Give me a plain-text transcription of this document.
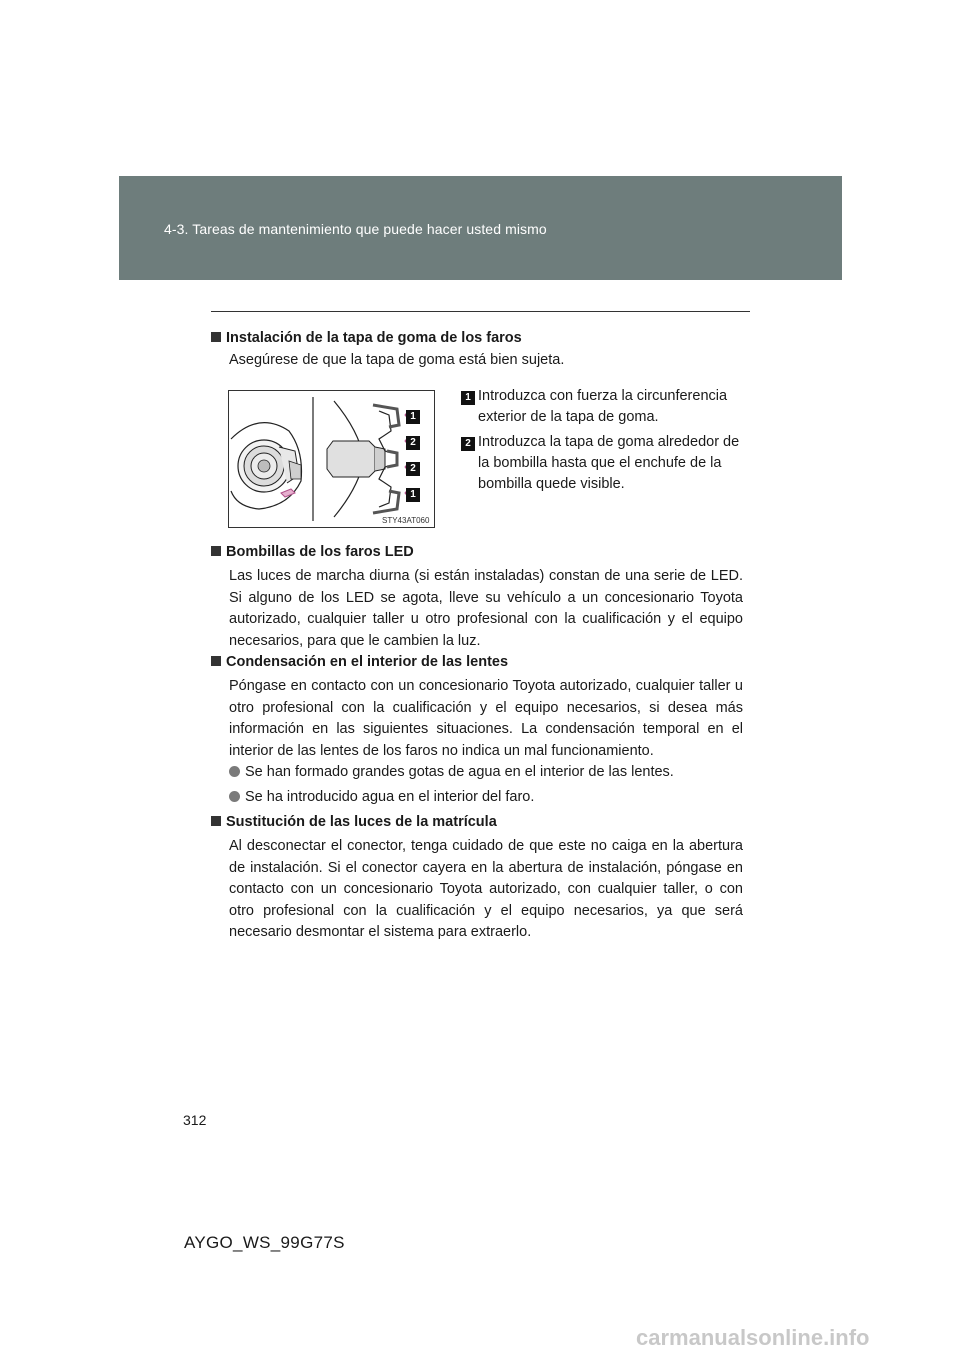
4-3. Tareas de mantenimiento que puede hacer usted mismo
Instalación de la tapa de goma de los faros
Asegúrese de que la tapa de goma está bien sujeta.
1
2
2
1
STY43AT060
1 Introduzca con fuerza la circunferencia exterior de la tapa de goma.
2 Introduzca la tapa de goma alrededor de la bombilla hasta que el enchufe de la bombilla quede visible.
Bombillas de los faros LED
Las luces de marcha diurna (si están instaladas) constan de una serie de LED. Si alguno de los LED se agota, lleve su vehículo a un concesionario Toyota autorizado, cualquier taller u otro profesional con la cualificación y el equipo necesarios, para que le cambien la luz.
Condensación en el interior de las lentes
Póngase en contacto con un concesionario Toyota autorizado, cualquier taller u otro profesional con la cualificación y el equipo necesarios, si desea más información en las siguientes situaciones. La condensación temporal en el interior de las lentes de los faros no indica un mal funcionamiento.
Se han formado grandes gotas de agua en el interior de las lentes.
Se ha introducido agua en el interior del faro.
Sustitución de las luces de la matrícula
Al desconectar el conector, tenga cuidado de que este no caiga en la abertura de instalación. Si el conector cayera en la abertura de instalación, póngase en contacto con un concesionario Toyota autorizado, con cualquier taller, o con otro profesional con la cualificación y el equipo necesarios, ya que será necesario desmontar el sistema para extraerlo.
312
AYGO_WS_99G77S
carmanualsonline.info
